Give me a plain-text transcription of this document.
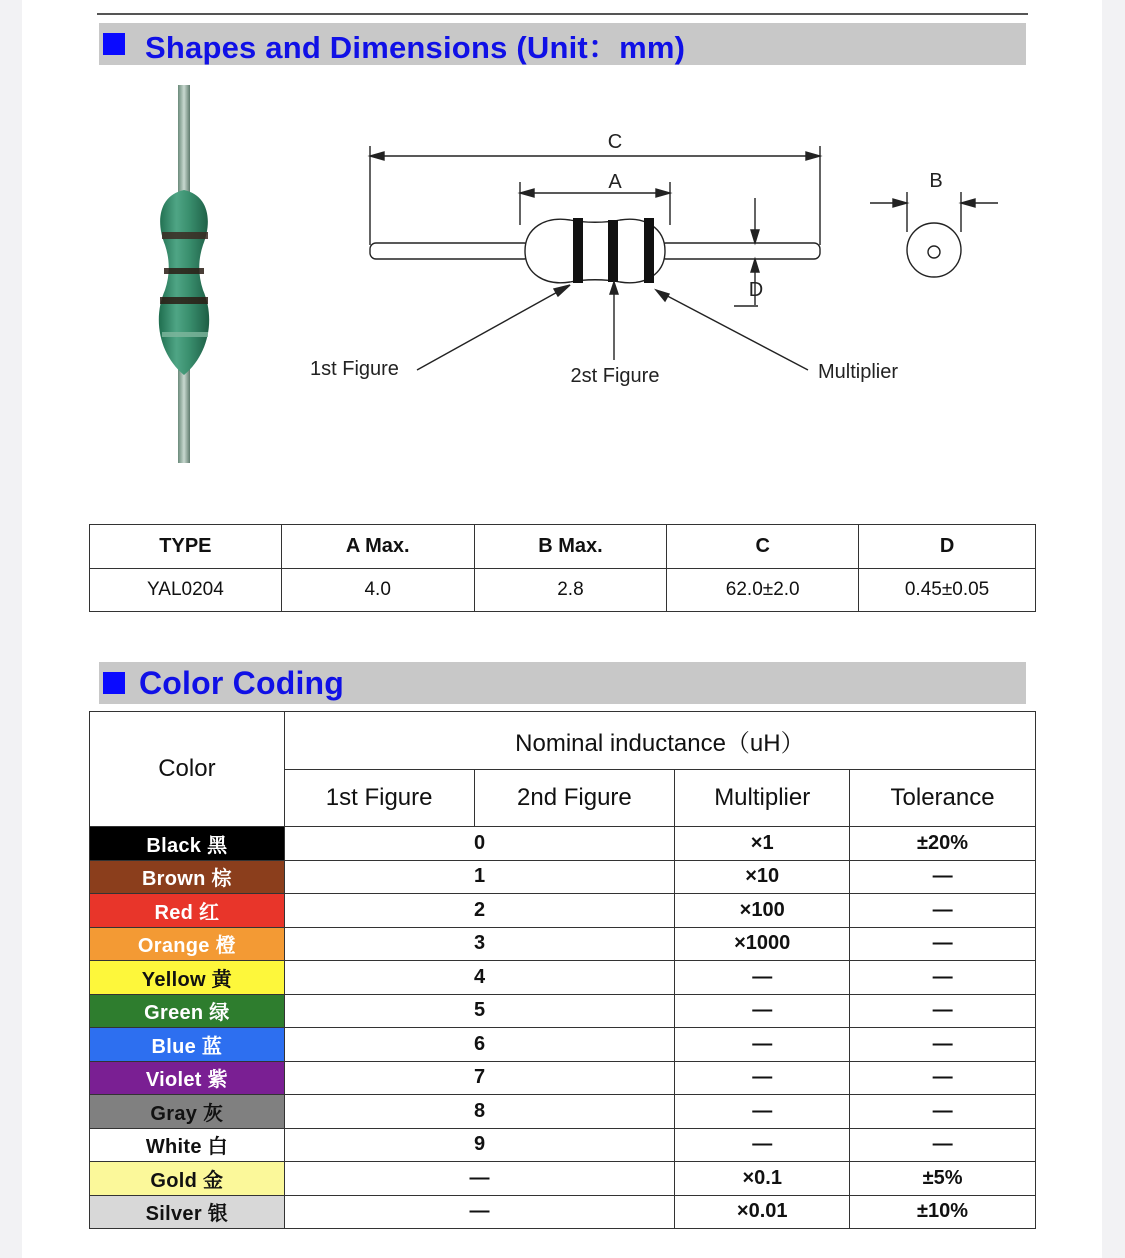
Shapes and Dimensions (Unit：mm)
C
A	B
D
1st Figure	2st Figure	Multiplier
TYPE	A Max.	B Max.	C	D
YAL0204	4.0	2.8	62.0±2.0	0.45±0.05
Color Coding
Color	Nominal inductance（uH）			
	1st Figure	2nd Figure	Multiplier	Tolerance
Black 黑	0		×1	±20%
Brown 棕	1		×10	—
Red 红	2		×100	—
Orange 橙	3		×1000	—
Yellow 黄	4		—	—
Green 绿	5		—	—
Blue 蓝	6		—	—
Violet 紫	7		—	—
Gray 灰	8		—	—
White 白	9		—	—
Gold 金	—		×0.1	±5%
Silver 银	—		×0.01	±10%
